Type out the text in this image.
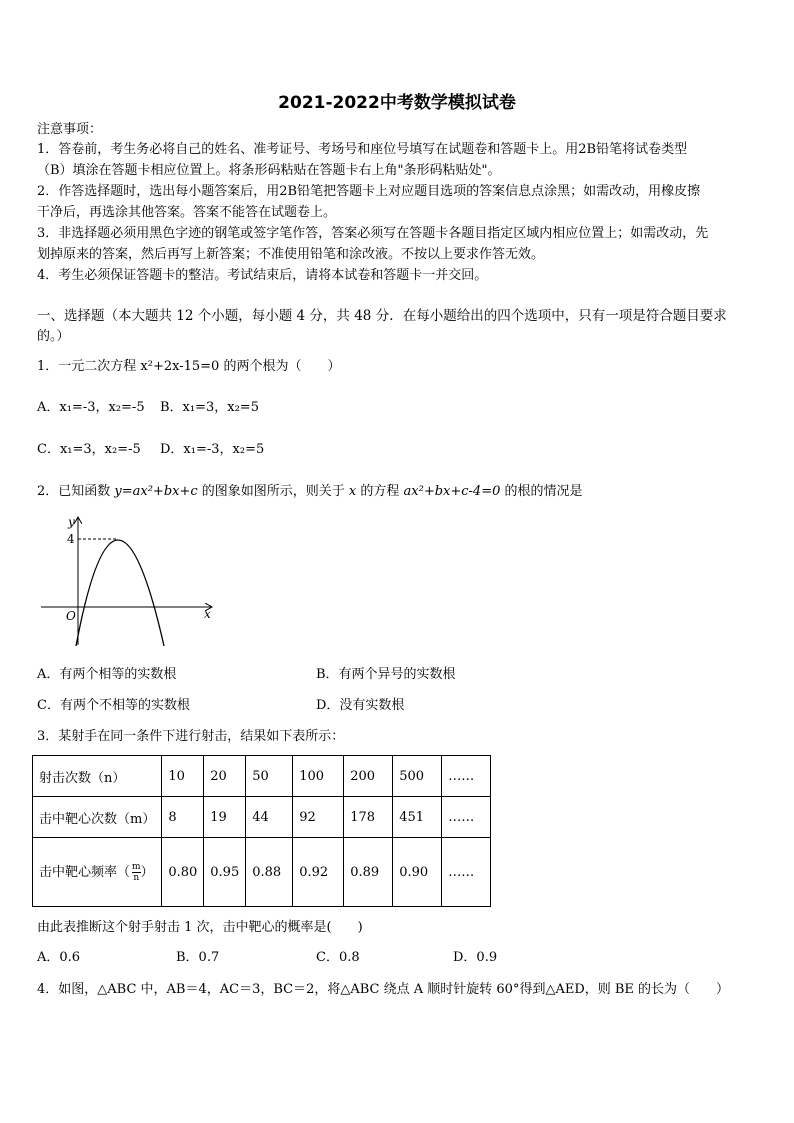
2021-2022中考数学模拟试卷
注意事项：
1．答卷前，考生务必将自己的姓名、准考证号、考场号和座位号填写在试题卷和答题卡上。用2B铅笔将试卷类型
（B）填涂在答题卡相应位置上。将条形码粘贴在答题卡右上角"条形码粘贴处"。
2．作答选择题时，选出每小题答案后，用2B铅笔把答题卡上对应题目选项的答案信息点涂黑；如需改动，用橡皮擦
干净后，再选涂其他答案。答案不能答在试题卷上。
3．非选择题必须用黑色字迹的钢笔或签字笔作答，答案必须写在答题卡各题目指定区域内相应位置上；如需改动，先
划掉原来的答案，然后再写上新答案；不准使用铅笔和涂改液。不按以上要求作答无效。
4．考生必须保证答题卡的整洁。考试结束后，请将本试卷和答题卡一并交回。
一、选择题（本大题共 12 个小题，每小题 4 分，共 48 分．在每小题给出的四个选项中，只有一项是符合题目要求
的。）
1．一元二次方程 x²+2x-15=0 的两个根为（　　）
A．x₁=-3，x₂=-5 B．x₁=3，x₂=5
C．x₁=3，x₂=-5 D．x₁=-3，x₂=5
2．已知函数 y=ax²+bx+c 的图象如图所示，则关于 x 的方程 ax²+bx+c-4=0 的根的情况是
y
x
O
4
A．有两个相等的实数根	B．有两个异号的实数根
C．有两个不相等的实数根	D．没有实数根
3．某射手在同一条件下进行射击，结果如下表所示：
射击次数（n）	10	20	50	100	200	500	……
击中靶心次数（m）	8	19	44	92	178	451	……
击中靶心频率（ $\frac{m}{n}$ ）	0.80	0.95	0.88	0.92	0.89	0.90	……
由此表推断这个射手射击 1 次，击中靶心的概率是(　　)
A．0.6	B．0.7	C．0.8	D．0.9
4．如图，△ABC 中，AB＝4，AC＝3，BC＝2，将△ABC 绕点 A 顺时针旋转 60°得到△AED，则 BE 的长为（　　）
